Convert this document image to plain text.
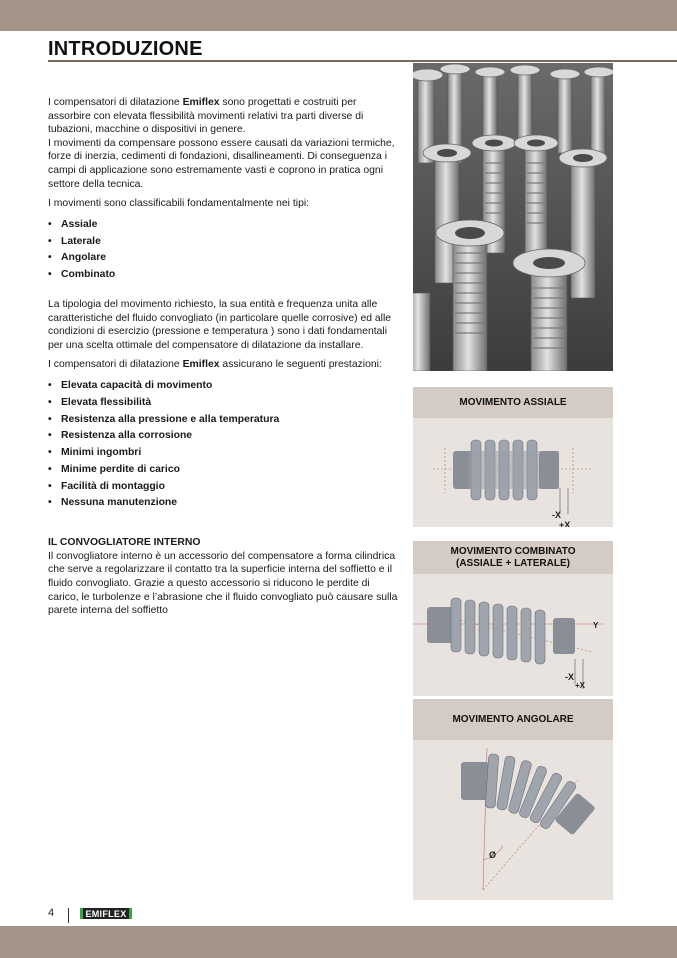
INTRODUZIONE

I compensatori di dilatazione Emiflex sono progettati e costruiti per assorbire con elevata flessibilità movimenti relativi tra parti diverse di tubazioni, macchine o dispositivi in genere.
I movimenti da compensare possono essere causati da variazioni termiche, forze di inerzia, cedimenti di fondazioni, disallineamenti. Di conseguenza i campi di applicazione sono estremamente vasti e coprono in pratica ogni settore della tecnica.

I movimenti sono classificabili fondamentalmente nei tipi:

• Assiale
• Laterale
• Angolare
• Combinato

La tipologia del movimento richiesto, la sua entità e frequenza unita alle caratteristiche del fluido convogliato (in particolare quelle corrosive) ed alle condizioni di esercizio (pressione e temperatura ) sono i dati fondamentali per una scelta ottimale del compensatore di dilatazione da installare.

I compensatori di dilatazione Emiflex assicurano le seguenti prestazioni:

• Elevata capacità di movimento
• Elevata flessibilità
• Resistenza alla pressione e alla temperatura
• Resistenza alla corrosione
• Minimi ingombri
• Minime perdite di carico
• Facilità di montaggio
• Nessuna manutenzione

IL CONVOGLIATORE INTERNO

Il convogliatore interno è un accessorio del compensatore a forma cilindrica che serve a regolarizzare il contatto tra la superficie interna del soffietto e il fluido convogliato. Grazie a questo accessorio si riducono le perdite di carico, le turbolenze e l’abrasione che il fluido convogliato può causare sulla parete interna del soffietto

MOVIMENTO ASSIALE
-X
+X
MOVIMENTO COMBINATO
(ASSIALE + LATERALE)
Y
-X
+X
MOVIMENTO ANGOLARE
Ø
4	EMIFLEX
